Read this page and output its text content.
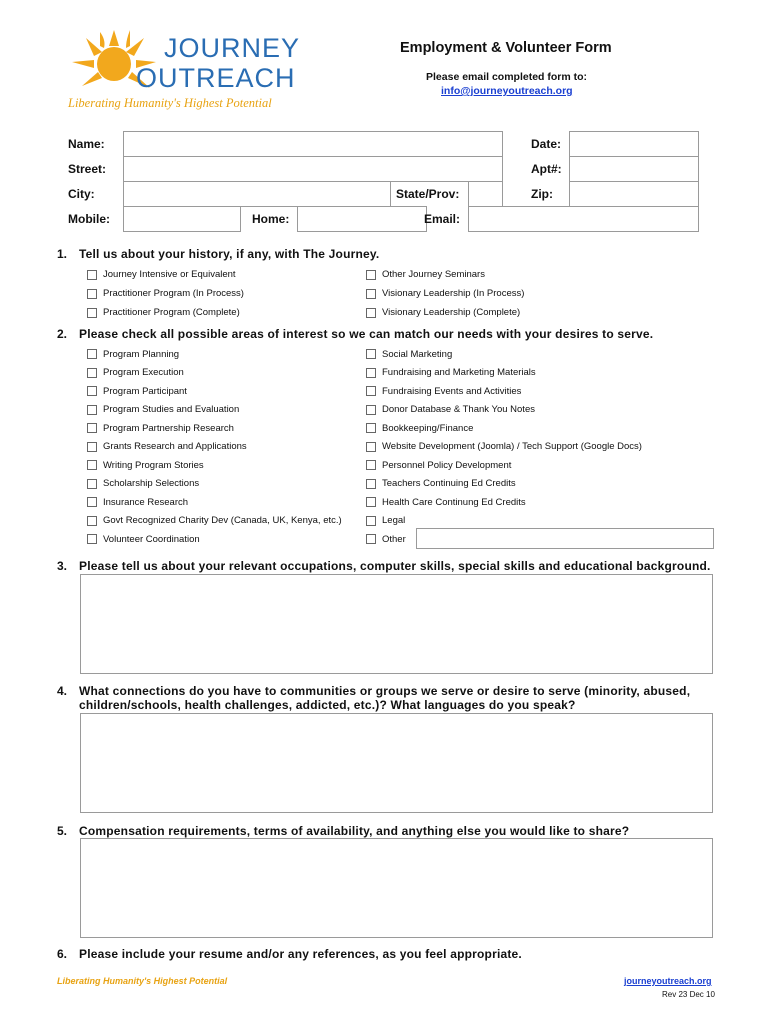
JOURNEY
OUTREACH
Liberating Humanity's Highest Potential
Employment & Volunteer Form
Please email completed form to:
info@journeyoutreach.org
Name:	Date:
Street:	Apt#:
City:	State/Prov:	Zip:
Mobile:	Home:	Email:
1. Tell us about your history, if any, with The Journey.
Journey Intensive or Equivalent
Practitioner Program (In Process)
Practitioner Program (Complete)
Other Journey Seminars
Visionary Leadership (In Process)
Visionary Leadership (Complete)
2. Please check all possible areas of interest so we can match our needs with your desires to serve.
Program Planning
Program Execution
Program Participant
Program Studies and Evaluation
Program Partnership Research
Grants Research and Applications
Writing Program Stories
Scholarship Selections
Insurance Research
Govt Recognized Charity Dev (Canada, UK, Kenya, etc.)
Volunteer Coordination
Social Marketing
Fundraising and Marketing Materials
Fundraising Events and Activities
Donor Database & Thank You Notes
Bookkeeping/Finance
Website Development (Joomla) / Tech Support (Google Docs)
Personnel Policy Development
Teachers Continuing Ed Credits
Health Care Continung Ed Credits
Legal
Other
3. Please tell us about your relevant occupations, computer skills, special skills and educational background.
4. What connections do you have to communities or groups we serve or desire to serve (minority, abused,
children/schools, health challenges, addicted, etc.)? What languages do you speak?
5. Compensation requirements, terms of availability, and anything else you would like to share?
6. Please include your resume and/or any references, as you feel appropriate.
Liberating Humanity's Highest Potential	journeyoutreach.org
Rev 23 Dec 10
